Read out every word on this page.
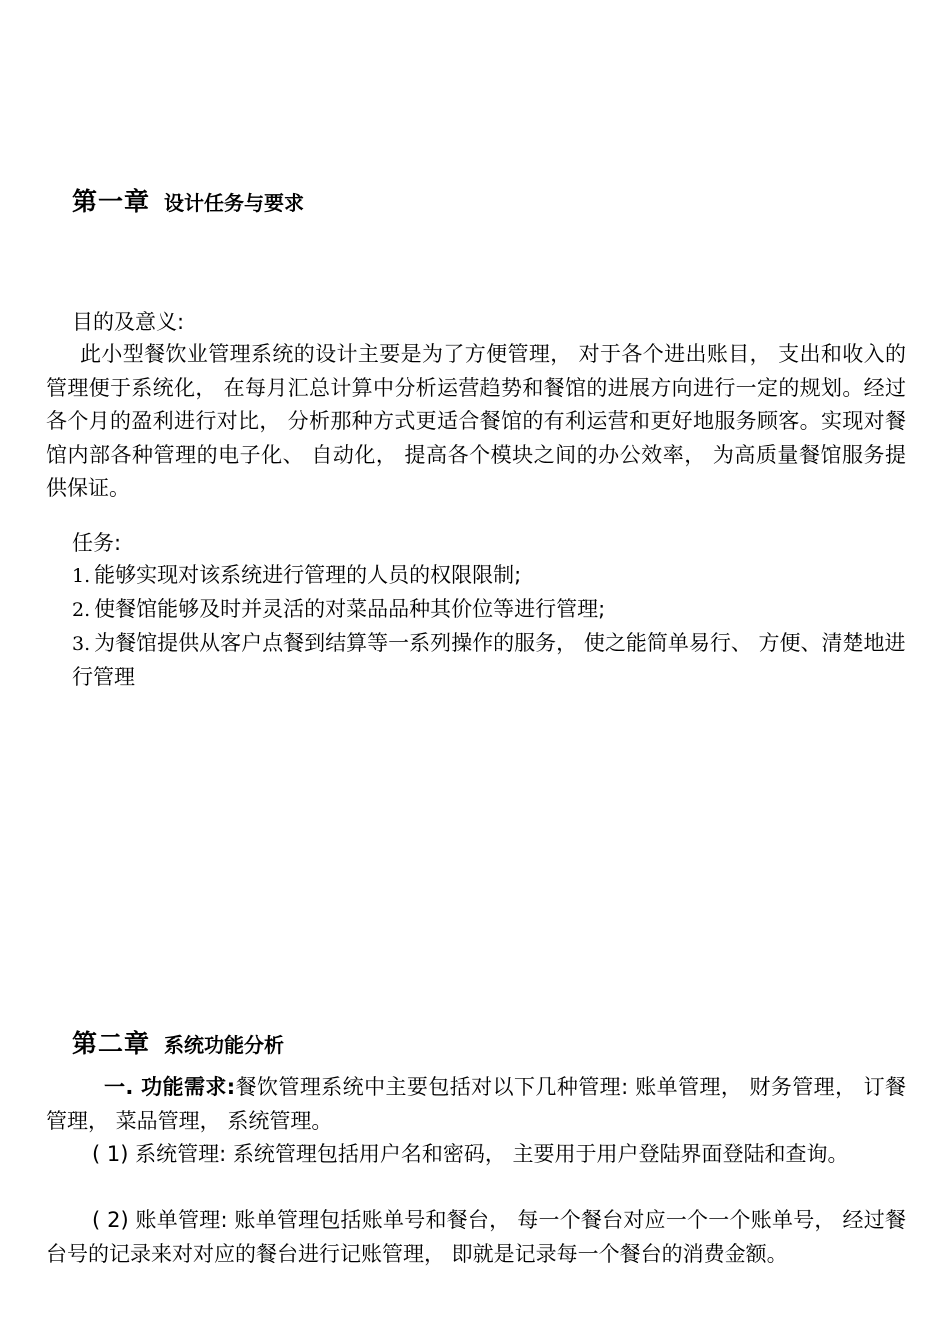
第一章 设计任务与要求
目的及意义:

此小型餐饮业管理系统的设计主要是为了方便管理， 对于各个进出账目， 支出和收入的管理便于系统化， 在每月汇总计算中分析运营趋势和餐馆的进展方向进行一定的规划。经过各个月的盈利进行对比， 分析那种方式更适合餐馆的有利运营和更好地服务顾客。实现对餐馆内部各种管理的电子化、 自动化， 提高各个模块之间的办公效率， 为高质量餐馆服务提供保证。

任务:
1. 能够实现对该系统进行管理的人员的权限限制;
2. 使餐馆能够及时并灵活的对菜品品种其价位等进行管理;
3. 为餐馆提供从客户点餐到结算等一系列操作的服务， 使之能简单易行、 方便、清楚地进行管理
第二章 系统功能分析

一. 功能需求:餐饮管理系统中主要包括对以下几种管理: 账单管理， 财务管理， 订餐管理， 菜品管理， 系统管理。

( 1) 系统管理: 系统管理包括用户名和密码， 主要用于用户登陆界面登陆和查询。

( 2) 账单管理: 账单管理包括账单号和餐台， 每一个餐台对应一个一个账单号， 经过餐台号的记录来对对应的餐台进行记账管理， 即就是记录每一个餐台的消费金额。
